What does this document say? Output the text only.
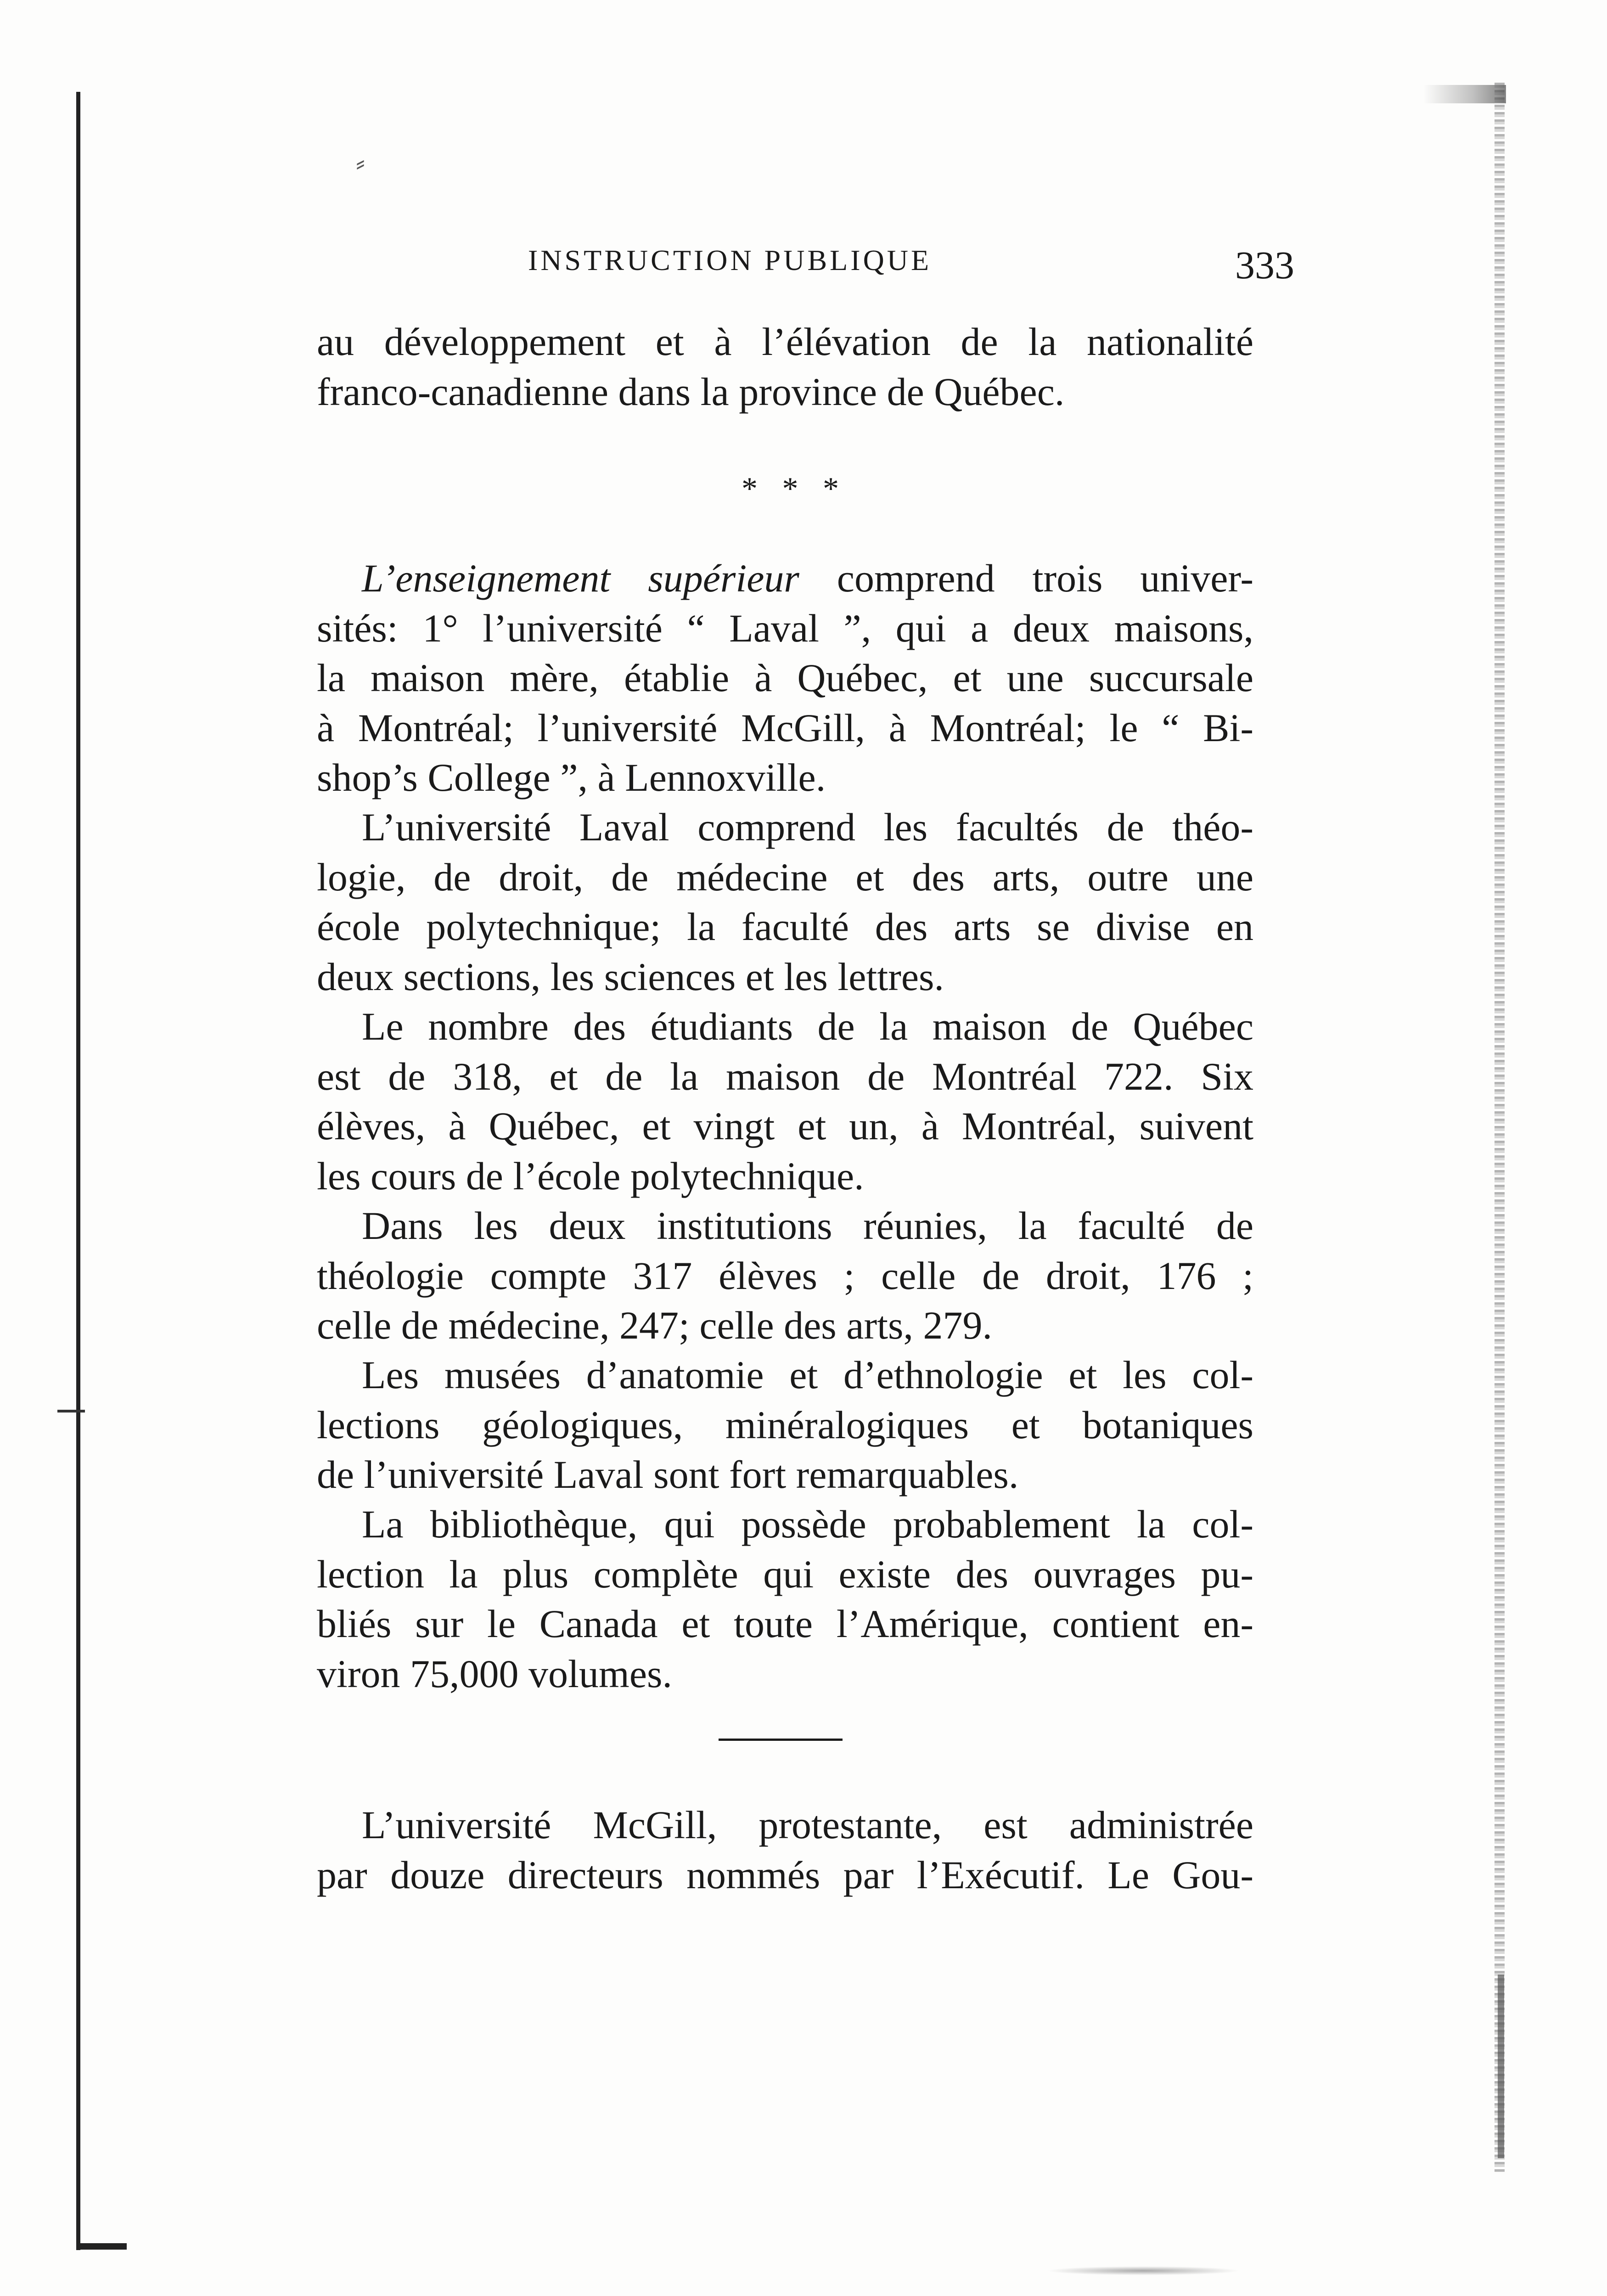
⸗
INSTRUCTION PUBLIQUE	333

au développement et à l’élévation de la nationalité
franco-canadienne dans la province de Québec.

* * *

L’enseignement supérieur comprend trois univer-
sités: 1° l’université “ Laval ”, qui a deux maisons,
la maison mère, établie à Québec, et une succursale
à Montréal; l’université McGill, à Montréal; le “ Bi-
shop’s College ”, à Lennoxville.

L’université Laval comprend les facultés de théo-
logie, de droit, de médecine et des arts, outre une
école polytechnique; la faculté des arts se divise en
deux sections, les sciences et les lettres.

Le nombre des étudiants de la maison de Québec
est de 318, et de la maison de Montréal 722. Six
élèves, à Québec, et vingt et un, à Montréal, suivent
les cours de l’école polytechnique.

Dans les deux institutions réunies, la faculté de
théologie compte 317 élèves ; celle de droit, 176 ;
celle de médecine, 247; celle des arts, 279.

Les musées d’anatomie et d’ethnologie et les col-
lections géologiques, minéralogiques et botaniques
de l’université Laval sont fort remarquables.

La bibliothèque, qui possède probablement la col-
lection la plus complète qui existe des ouvrages pu-
bliés sur le Canada et toute l’Amérique, contient en-
viron 75,000 volumes.

L’université McGill, protestante, est administrée
par douze directeurs nommés par l’Exécutif. Le Gou-
